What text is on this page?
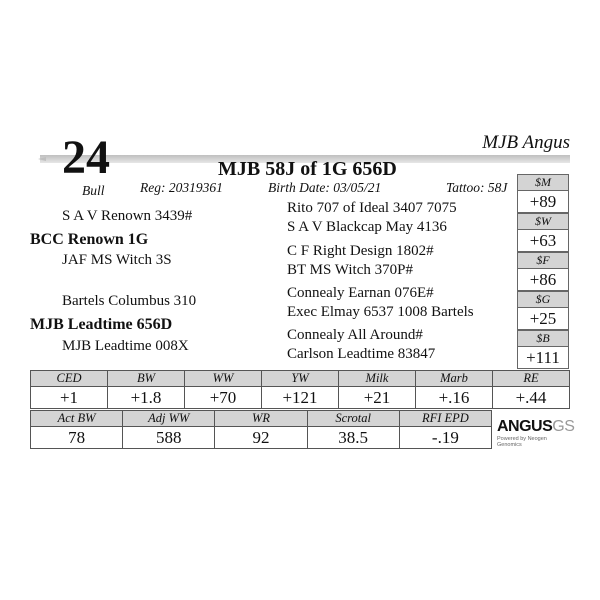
24	MJB Angus
MJB 58J of 1G 656D
Bull	Reg: 20319361	Birth Date: 03/05/21	Tattoo: 58J
S A V Renown 3439#
BCC Renown 1G
JAF MS Witch 3S
Bartels Columbus 310
MJB Leadtime 656D
MJB Leadtime 008X
Rito 707 of Ideal 3407 7075
S A V Blackcap May 4136
C F Right Design 1802#
BT MS Witch 370P#
Connealy Earnan 076E#
Exec Elmay 6537 1008 Bartels
Connealy All Around#
Carlson Leadtime 83847
$M
+89
$W
+63
$F
+86
$G
+25
$B
+111
CED	BW	WW	YW	Milk	Marb	RE
+1	+1.8	+70	+121	+21	+.16	+.44
Act BW	Adj WW	WR	Scrotal	RFI EPD
78	588	92	38.5	-.19
ANGUSGS
Powered by Neogen Genomics
